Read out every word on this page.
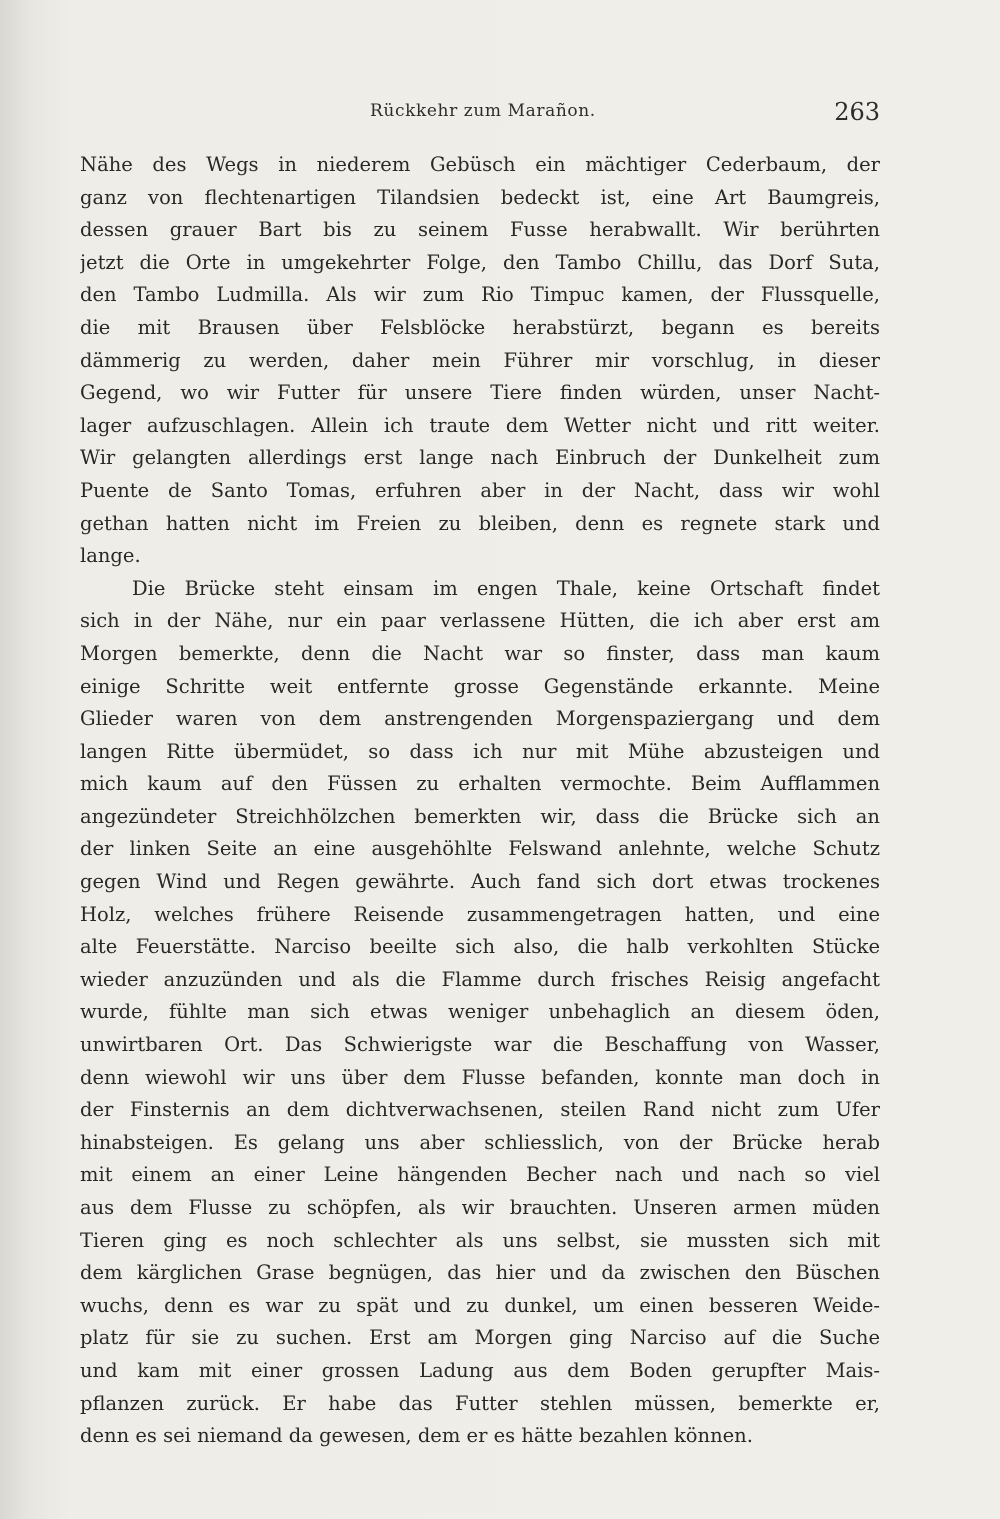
Rückkehr zum Marañon.	263
Nähe des Wegs in niederem Gebüsch ein mächtiger Cederbaum, der
ganz von flechtenartigen Tilandsien bedeckt ist, eine Art Baumgreis,
dessen grauer Bart bis zu seinem Fusse herabwallt. Wir berührten
jetzt die Orte in umgekehrter Folge, den Tambo Chillu, das Dorf Suta,
den Tambo Ludmilla. Als wir zum Rio Timpuc kamen, der Flussquelle,
die mit Brausen über Felsblöcke herabstürzt, begann es bereits
dämmerig zu werden, daher mein Führer mir vorschlug, in dieser
Gegend, wo wir Futter für unsere Tiere finden würden, unser Nacht-
lager aufzuschlagen. Allein ich traute dem Wetter nicht und ritt weiter.
Wir gelangten allerdings erst lange nach Einbruch der Dunkelheit zum
Puente de Santo Tomas, erfuhren aber in der Nacht, dass wir wohl
gethan hatten nicht im Freien zu bleiben, denn es regnete stark und
lange.
Die Brücke steht einsam im engen Thale, keine Ortschaft findet
sich in der Nähe, nur ein paar verlassene Hütten, die ich aber erst am
Morgen bemerkte, denn die Nacht war so finster, dass man kaum
einige Schritte weit entfernte grosse Gegenstände erkannte. Meine
Glieder waren von dem anstrengenden Morgenspaziergang und dem
langen Ritte übermüdet, so dass ich nur mit Mühe abzusteigen und
mich kaum auf den Füssen zu erhalten vermochte. Beim Aufflammen
angezündeter Streichhölzchen bemerkten wir, dass die Brücke sich an
der linken Seite an eine ausgehöhlte Felswand anlehnte, welche Schutz
gegen Wind und Regen gewährte. Auch fand sich dort etwas trockenes
Holz, welches frühere Reisende zusammengetragen hatten, und eine
alte Feuerstätte. Narciso beeilte sich also, die halb verkohlten Stücke
wieder anzuzünden und als die Flamme durch frisches Reisig angefacht
wurde, fühlte man sich etwas weniger unbehaglich an diesem öden,
unwirtbaren Ort. Das Schwierigste war die Beschaffung von Wasser,
denn wiewohl wir uns über dem Flusse befanden, konnte man doch in
der Finsternis an dem dichtverwachsenen, steilen Rand nicht zum Ufer
hinabsteigen. Es gelang uns aber schliesslich, von der Brücke herab
mit einem an einer Leine hängenden Becher nach und nach so viel
aus dem Flusse zu schöpfen, als wir brauchten. Unseren armen müden
Tieren ging es noch schlechter als uns selbst, sie mussten sich mit
dem kärglichen Grase begnügen, das hier und da zwischen den Büschen
wuchs, denn es war zu spät und zu dunkel, um einen besseren Weide-
platz für sie zu suchen. Erst am Morgen ging Narciso auf die Suche
und kam mit einer grossen Ladung aus dem Boden gerupfter Mais-
pflanzen zurück. Er habe das Futter stehlen müssen, bemerkte er,
denn es sei niemand da gewesen, dem er es hätte bezahlen können.
